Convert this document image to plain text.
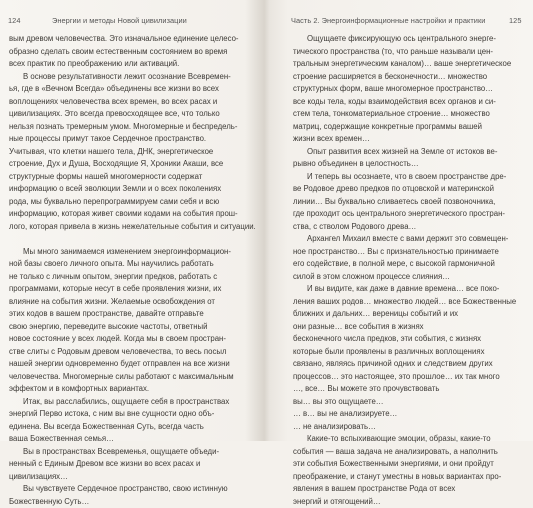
124	Энергии и методы Новой цивилизации
вым древом человечества. Это изначальное единение целесо-
образно сделать своим естественным состоянием во время
всех практик по преображению или активаций.
В основе результативности лежит осознание Всевремен-
ья, где в «Вечном Всегда» объединены все жизни во всех
воплощениях человечества всех времен, во всех расах и
цивилизациях. Это всегда превосходящее все, что только
нельзя познать тремерным умом. Многомерные и беспредель-
ные процессы примут такое Сердечное пространство.
Учитывая, что клетки нашего тела, ДНК, энергетическое
строение, Дух и Душа, Восходящие Я, Хроники Акаши, все
структурные формы нашей многомерности содержат
информацию о всей эволюции Земли и о всех поколениях
рода, мы буквально перепрограммируем сами себя и всю
информацию, которая живет своими кодами на события прош-
лого, которая привела в жизнь нежелательные события и ситуации.
Мы много занимаемся изменением энергоинформацион-
ной базы своего личного опыта. Мы научились работать
не только с личным опытом, энергии предков, работать с
программами, которые несут в себе проявления жизни, их
влияние на события жизни. Желаемые освобождения от
этих кодов в вашем пространстве, давайте отправьте
свою энергию, переведите высокие частоты, ответный
новое состояние у всех людей. Когда мы в своем простран-
стве слиты с Родовым древом человечества, то весь посыл
нашей энергии одновременно будет отправлен на все жизни
человечества. Многомерные силы работают с максимальным
эффектом и в комфортных вариантах.
Итак, вы расслабились, ощущаете себя в пространствах
энергий Перво истока, с ним вы вне сущности одно объ-
единена. Вы всегда Божественная Суть, всегда часть
ваша Божественная семья…
Вы в пространствах Всевременья, ощущаете объеди-
ненный с Единым Древом все жизни во всех расах и
цивилизациях…
Вы чувствуете Сердечное пространство, свою истинную
Божественную Суть…
Часть 2. Энергоинформационные настройки и практики	125
Ощущаете фиксирующую ось центрального энерге-
тического пространства (то, что раньше называли цен-
тральным энергетическим каналом)… ваше энергетическое
строение расширяется в бесконечности… множество
структурных форм, ваше многомерное пространство…
все коды тела, коды взаимодействия всех органов и си-
стем тела, тонкоматериальное строение… множество
матриц, содержащие конкретные программы вашей
жизни всех времен…
Опыт развития всех жизней на Земле от истоков ве-
рывно объединен в целостность…
И теперь вы осознаете, что в своем пространстве дре-
ве Родовое древо предков по отцовской и материнской
линии… Вы буквально сливаетесь своей позвоночника,
где проходит ось центрального энергетического простран-
ства, с стволом Родового древа…
Архангел Михаил вместе с вами держит это совмещен-
ное пространство… Вы с признательностью принимаете
его содействие, в полной мере, с высокой гармоничной
силой в этом сложном процессе слияния…
И вы видите, как даже в давние времена… все поко-
ления ваших родов… множество людей… все Божественные
ближних и дальних… вереницы событий и их
они разные… все события в жизнях
бесконечного числа предков, эти события, с жизнях
которые были проявлены в различных воплощениях
связано, являясь причиной одних и следствием других
процессов… это настоящее, это прошлое… их так много
…, все… Вы можете это прочувствовать
вы… вы это ощущаете…
… в… вы не анализируете…
… не анализировать…
Какие-то вспыхивающие эмоции, образы, какие-то
события — ваша задача не анализировать, а наполнить
эти события Божественными энергиями, и они пройдут
преображение, и станут уместны в новых вариантах про-
явления в вашем пространстве Рода от всех
энергий и отягощений…
